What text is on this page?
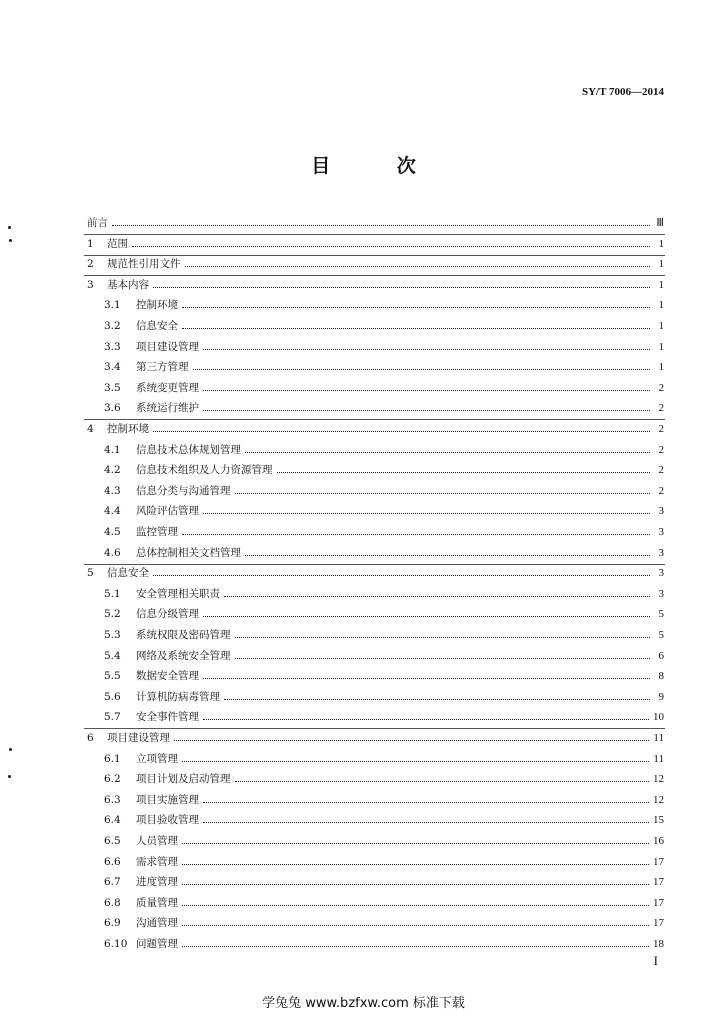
SY/T 7006—2014
目 次
前言	Ⅲ
1	范围	1
2	规范性引用文件	1
3	基本内容	1
3.1	控制环境	1
3.2	信息安全	1
3.3	项目建设管理	1
3.4	第三方管理	1
3.5	系统变更管理	2
3.6	系统运行维护	2
4	控制环境	2
4.1	信息技术总体规划管理	2
4.2	信息技术组织及人力资源管理	2
4.3	信息分类与沟通管理	2
4.4	风险评估管理	3
4.5	监控管理	3
4.6	总体控制相关文档管理	3
5	信息安全	3
5.1	安全管理相关职责	3
5.2	信息分级管理	5
5.3	系统权限及密码管理	5
5.4	网络及系统安全管理	6
5.5	数据安全管理	8
5.6	计算机防病毒管理	9
5.7	安全事件管理	10
6	项目建设管理	11
6.1	立项管理	11
6.2	项目计划及启动管理	12
6.3	项目实施管理	12
6.4	项目验收管理	15
6.5	人员管理	16
6.6	需求管理	17
6.7	进度管理	17
6.8	质量管理	17
6.9	沟通管理	17
6.10 问题管理	18
I
学兔兔 www.bzfxw.com 标准下载
